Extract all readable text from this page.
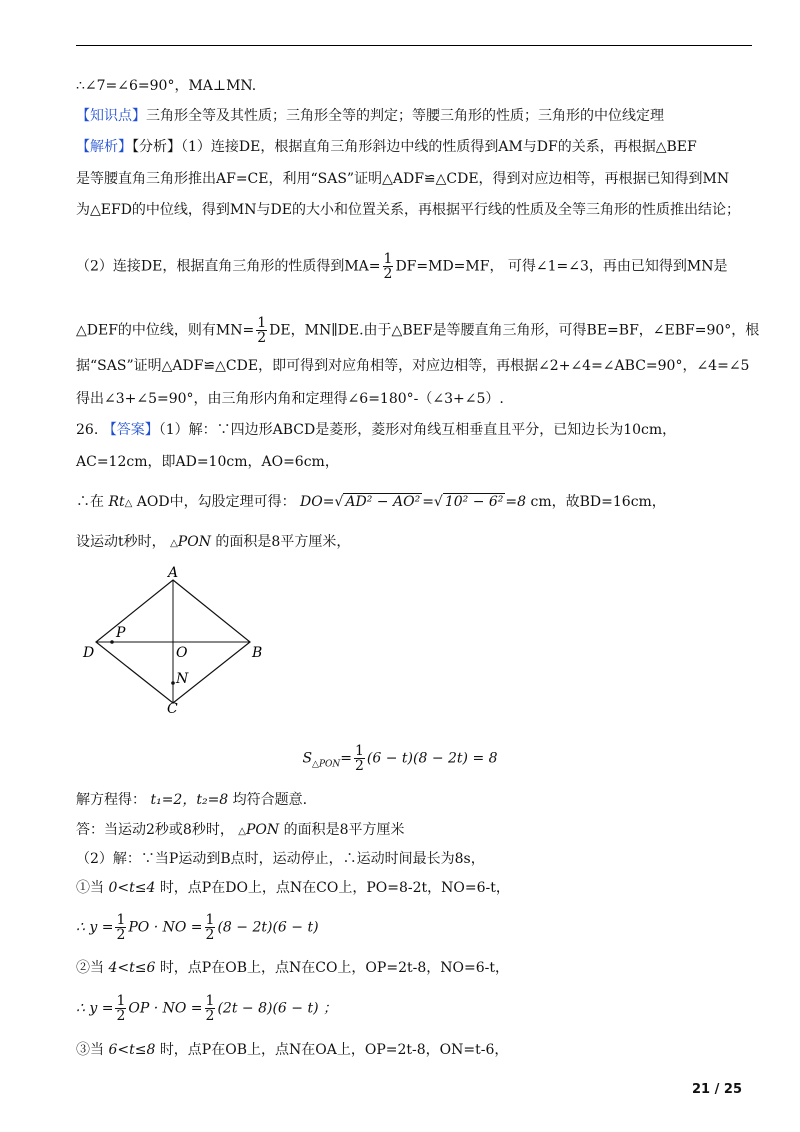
∴∠7=∠6=90°，MA⊥MN.
【知识点】三角形全等及其性质；三角形全等的判定；等腰三角形的性质；三角形的中位线定理
【解析】【分析】（1）连接DE，根据直角三角形斜边中线的性质得到AM与DF的关系，再根据△BEF
是等腰直角三角形推出AF=CE，利用“SAS”证明△ADF≌△CDE，得到对应边相等，再根据已知得到MN
为△EFD的中位线，得到MN与DE的大小和位置关系，再根据平行线的性质及全等三角形的性质推出结论；
（2）连接DE，根据直角三角形的性质得到$MA= \frac{1}{2} DF=MD=MF$， 可得∠1=∠3，再由已知得到MN是
△DEF的中位线，则有$MN= \frac{1}{2}$ DE，MN∥DE.由于△BEF是等腰直角三角形，可得BE=BF，∠EBF=90°，根
据“SAS”证明△ADF≌△CDE，即可得到对应角相等，对应边相等，再根据∠2+∠4=∠ABC=90°，∠4=∠5
得出∠3+∠5=90°，由三角形内角和定理得∠6=180°-（∠3+∠5）.
26. 【答案】（1）解：∵四边形ABCD是菱形，菱形对角线互相垂直且平分，已知边长为10cm，
AC=12cm，即AD=10cm，AO=6cm，
∴在 Rt△ AOD中，勾股定理可得： DO=√ AD² − AO² =√ 10² − 6² =8 cm，故BD=16cm，
设运动t秒时， △PON 的面积是8平方厘米，
A
B
C
D	O
P
N
$S_{\triangle PON}= \frac{1}{2} (6 - t)(8 - 2t) = 8$
解方程得： t₁=2，t₂=8 均符合题意.
答：当运动2秒或8秒时， △PON 的面积是8平方厘米
（2）解：∵当P运动到B点时，运动停止，∴运动时间最长为8s，
①当 0<t≤4 时，点P在DO上，点N在CO上，PO=8-2t，NO=6-t，
∴ $y = \frac{1}{2}$ PO · NO = $\frac{1}{2} (8 - 2t)(6 - t)$
②当 4<t≤6 时，点P在OB上，点N在CO上，OP=2t-8，NO=6-t，
∴ $y = \frac{1}{2}$ OP · NO = $\frac{1}{2} (2t - 8)(6 - t)$ ；
③当 6<t≤8 时，点P在OB上，点N在OA上，OP=2t-8，ON=t-6，
21 / 25
